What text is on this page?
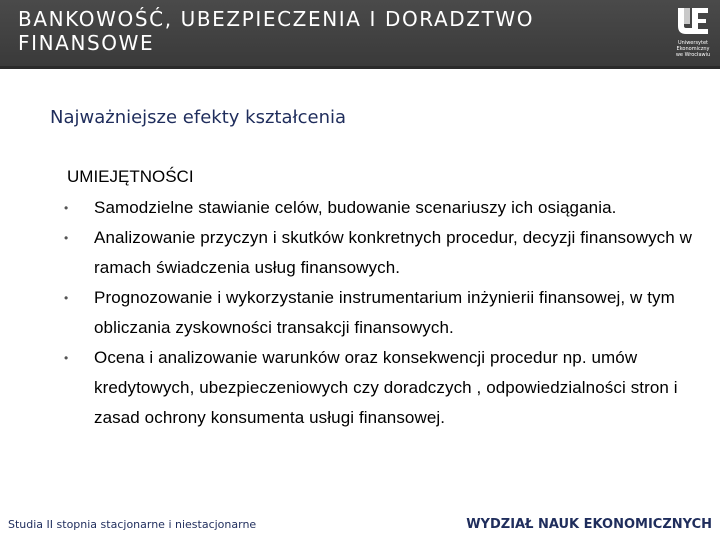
BANKOWOŚĆ, UBEZPIECZENIA I DORADZTWO
FINANSOWE	Uniwersytet
Ekonomiczny
we Wrocławiu
Najważniejsze efekty kształcenia
UMIEJĘTNOŚCI
• Samodzielne stawianie celów, budowanie scenariuszy ich osiągania.
• Analizowanie przyczyn i skutków konkretnych procedur, decyzji finansowych w ramach świadczenia usług finansowych.
• Prognozowanie i wykorzystanie instrumentarium inżynierii finansowej, w tym obliczania zyskowności transakcji finansowych.
• Ocena i analizowanie warunków oraz konsekwencji procedur np. umów kredytowych, ubezpieczeniowych czy doradczych , odpowiedzialności stron i zasad ochrony konsumenta usługi finansowej.
Studia II stopnia stacjonarne i niestacjonarne	WYDZIAŁ NAUK EKONOMICZNYCH
